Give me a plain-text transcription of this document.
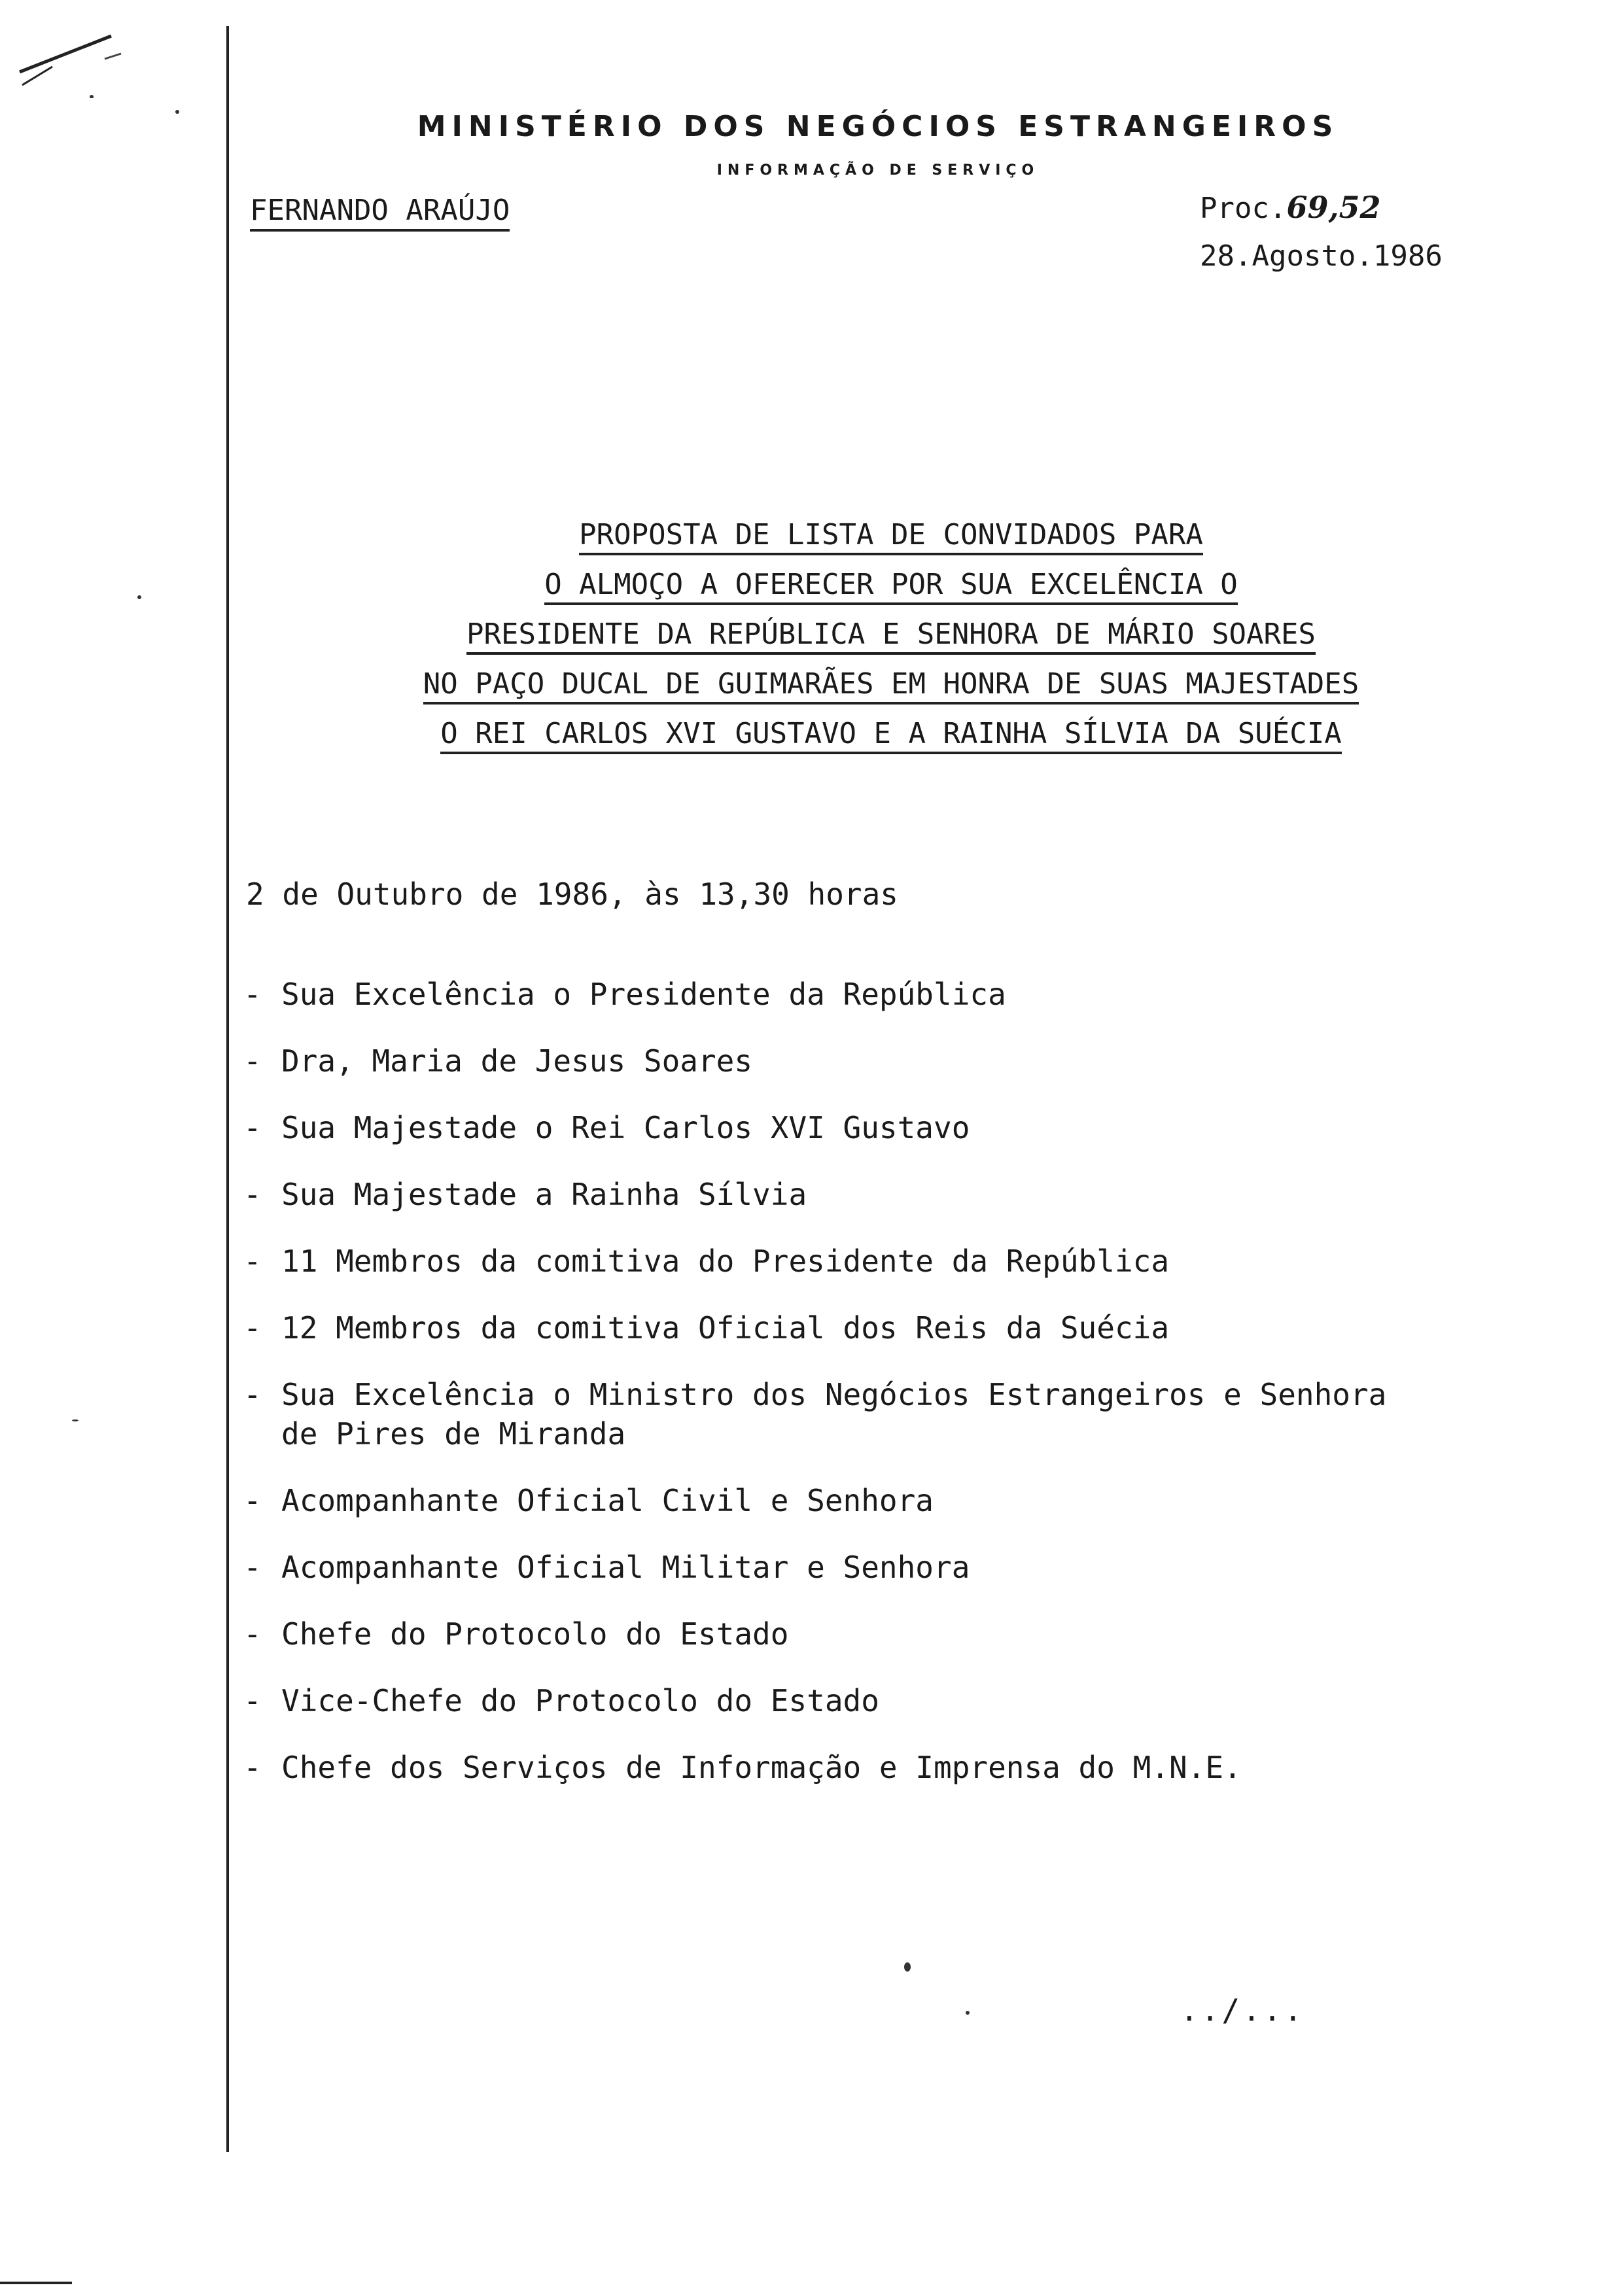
MINISTÉRIO DOS NEGÓCIOS ESTRANGEIROS
INFORMAÇÃO DE SERVIÇO
FERNANDO ARAÚJO	Proc.69,52
28.Agosto.1986
PROPOSTA DE LISTA DE CONVIDADOS PARA
O ALMOÇO A OFERECER POR SUA EXCELÊNCIA O
PRESIDENTE DA REPÚBLICA E SENHORA DE MÁRIO SOARES
NO PAÇO DUCAL DE GUIMARÃES EM HONRA DE SUAS MAJESTADES
O REI CARLOS XVI GUSTAVO E A RAINHA SÍLVIA DA SUÉCIA
2 de Outubro de 1986, às 13,30 horas
- Sua Excelência o Presidente da República
- Dra, Maria de Jesus Soares
- Sua Majestade o Rei Carlos XVI Gustavo
- Sua Majestade a Rainha Sílvia
- 11 Membros da comitiva do Presidente da República
- 12 Membros da comitiva Oficial dos Reis da Suécia
- Sua Excelência o Ministro dos Negócios Estrangeiros e Senhora de Pires de Miranda
- Acompanhante Oficial Civil e Senhora
- Acompanhante Oficial Militar e Senhora
- Chefe do Protocolo do Estado
- Vice-Chefe do Protocolo do Estado
- Chefe dos Serviços de Informação e Imprensa do M.N.E.
../...
